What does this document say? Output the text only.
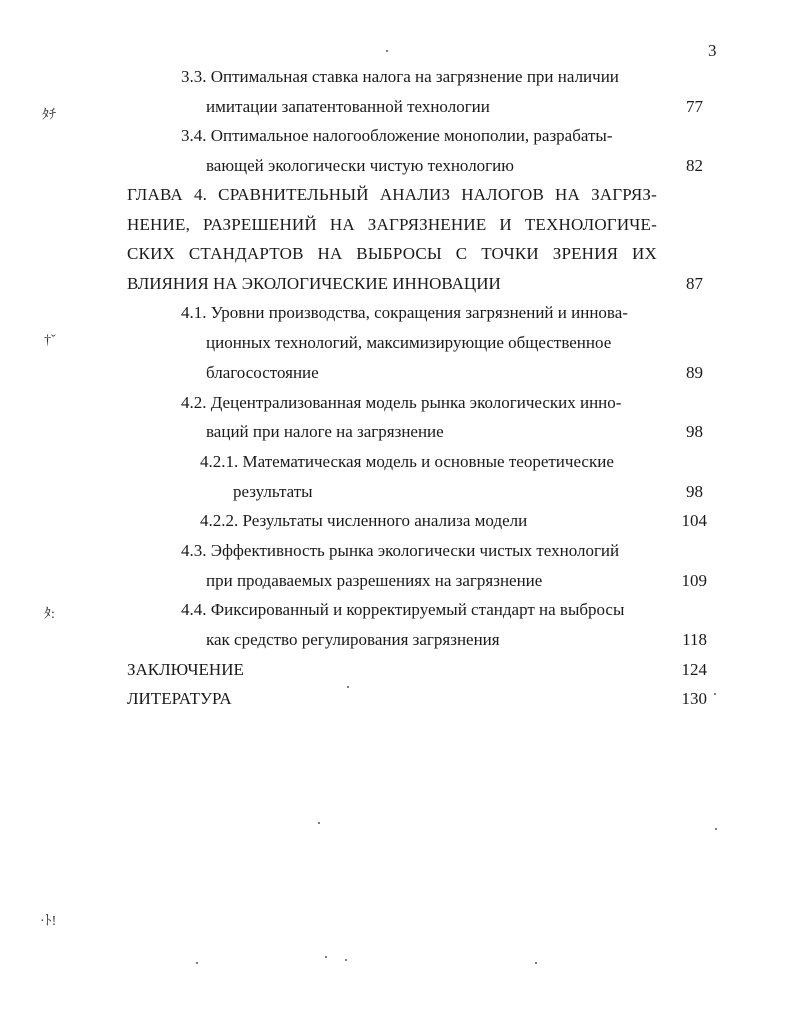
3
3.3. Оптимальная ставка налога на загрязнение при наличии
имитации запатентованной технологии	77
3.4. Оптимальное налогообложение монополии, разрабаты-
вающей экологически чистую технологию	82
ГЛАВА 4. СРАВНИТЕЛЬНЫЙ АНАЛИЗ НАЛОГОВ НА ЗАГРЯЗ-
НЕНИЕ, РАЗРЕШЕНИЙ НА ЗАГРЯЗНЕНИЕ И ТЕХНОЛОГИЧЕ-
СКИХ СТАНДАРТОВ НА ВЫБРОСЫ С ТОЧКИ ЗРЕНИЯ ИХ
ВЛИЯНИЯ НА ЭКОЛОГИЧЕСКИЕ ИННОВАЦИИ	87
4.1. Уровни производства, сокращения загрязнений и иннова-
ционных технологий, максимизирующие общественное
благосостояние	89
4.2. Децентрализованная модель рынка экологических инно-
ваций при налоге на загрязнение	98
4.2.1. Математическая модель и основные теоретические
результаты	98
4.2.2. Результаты численного анализа модели	104
4.3. Эффективность рынка экологически чистых технологий
при продаваемых разрешениях на загрязнение	109
4.4. Фиксированный и корректируемый стандарт на выбросы
как средство регулирования загрязнения	118
ЗАКЛЮЧЕНИЕ	124
ЛИТЕРАТУРА	130
ﾀﾁ
†ˇ
ﾀ:
·ﾄ!
